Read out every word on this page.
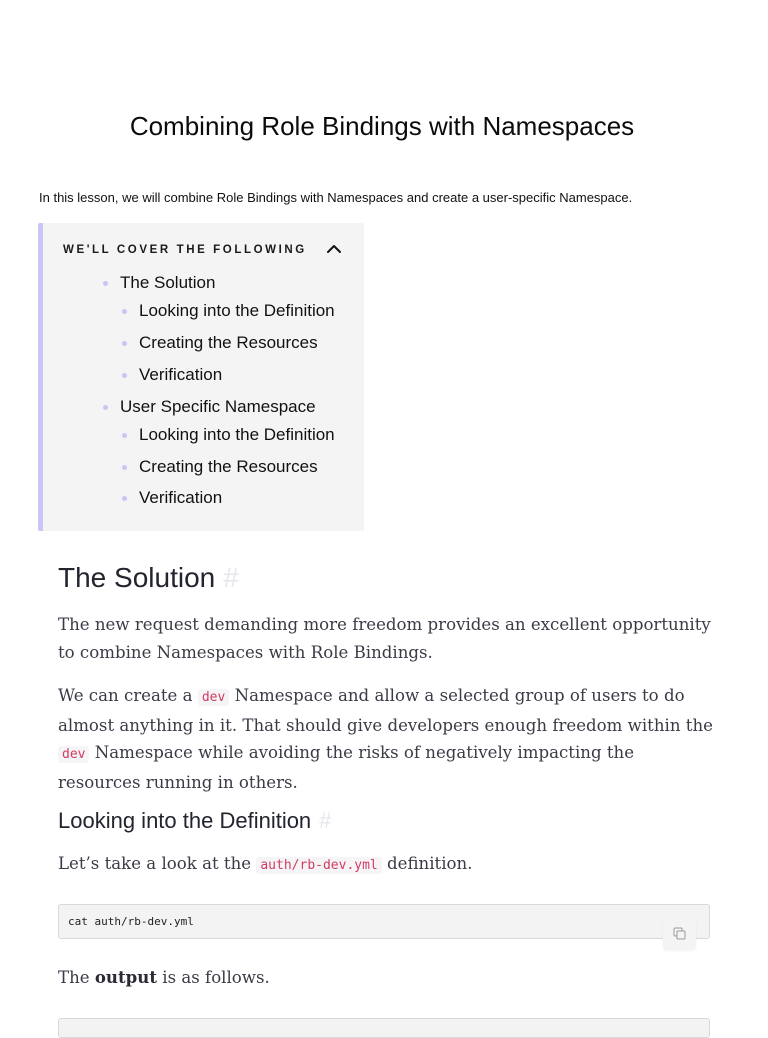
Combining Role Bindings with Namespaces
In this lesson, we will combine Role Bindings with Namespaces and create a user-specific Namespace.
WE'LL COVER THE FOLLOWING
The Solution
Looking into the Definition
Creating the Resources
Verification
User Specific Namespace
Looking into the Definition
Creating the Resources
Verification
The Solution #

The new request demanding more freedom provides an excellent opportunity
to combine Namespaces with Role Bindings.

We can create a dev Namespace and allow a selected group of users to do
almost anything in it. That should give developers enough freedom within the
dev Namespace while avoiding the risks of negatively impacting the
resources running in others.

Looking into the Definition #

Let’s take a look at the auth/rb-dev.yml definition.

cat auth/rb-dev.yml

The output is as follows.
